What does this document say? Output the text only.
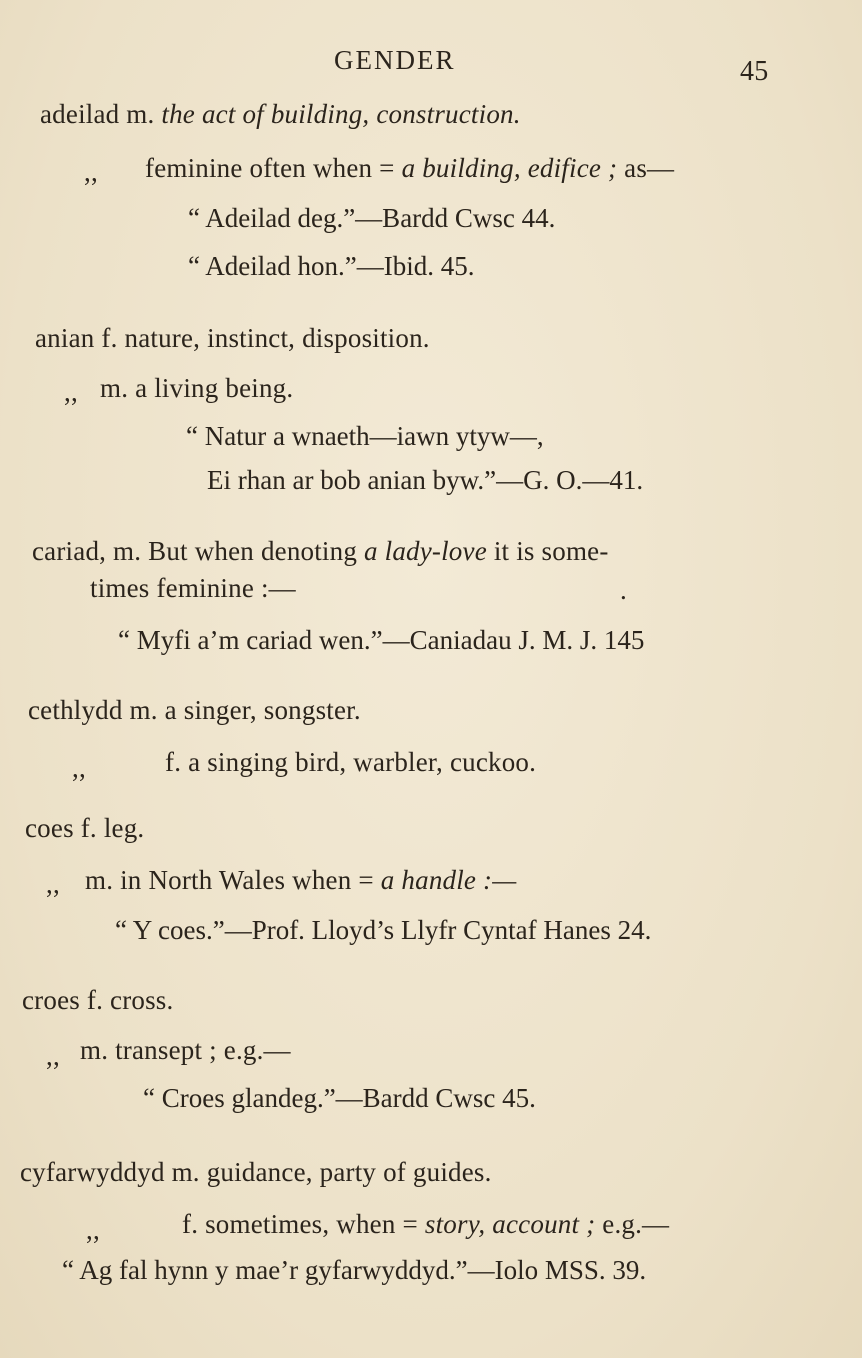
GENDER	45
adeilad m. the act of building, construction.
,, feminine often when = a building, edifice ; as—
“ Adeilad deg.”—Bardd Cwsc 44.
“ Adeilad hon.”—Ibid. 45.
anian f. nature, instinct, disposition.
,, m. a living being.
“ Natur a wnaeth—iawn ytyw—,
Ei rhan ar bob anian byw.”—G. O.—41.
cariad, m. But when denoting a lady-love it is some-
times feminine :—	.
“ Myfi a’m cariad wen.”—Caniadau J. M. J. 145
cethlydd m. a singer, songster.
,,	f. a singing bird, warbler, cuckoo.
coes f. leg.
,, m. in North Wales when = a handle :—
“ Y coes.”—Prof. Lloyd’s Llyfr Cyntaf Hanes 24.
croes f. cross.
,, m. transept ; e.g.—
“ Croes glandeg.”—Bardd Cwsc 45.
cyfarwyddyd m. guidance, party of guides.
,,	f. sometimes, when = story, account ; e.g.—
“ Ag fal hynn y mae’r gyfarwyddyd.”—Iolo MSS. 39.
